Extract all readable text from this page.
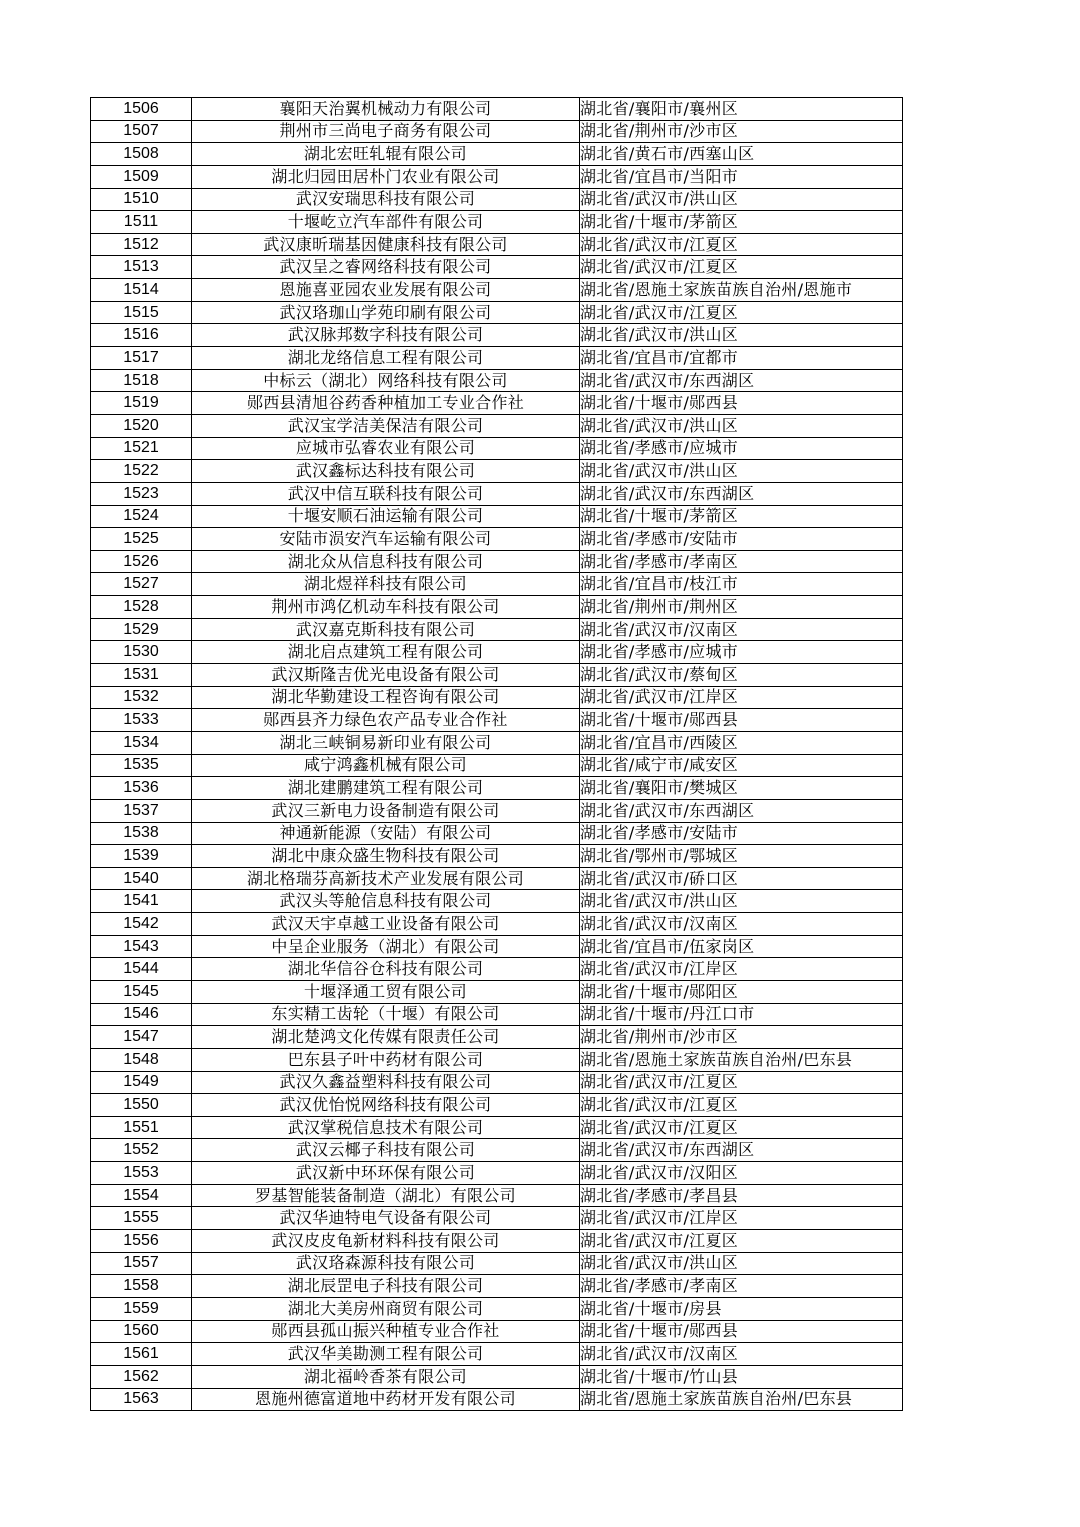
1506	襄阳天治翼机械动力有限公司	湖北省/襄阳市/襄州区
1507	荆州市三尚电子商务有限公司	湖北省/荆州市/沙市区
1508	湖北宏旺轧辊有限公司	湖北省/黄石市/西塞山区
1509	湖北归园田居朴门农业有限公司	湖北省/宜昌市/当阳市
1510	武汉安瑞思科技有限公司	湖北省/武汉市/洪山区
1511	十堰屹立汽车部件有限公司	湖北省/十堰市/茅箭区
1512	武汉康昕瑞基因健康科技有限公司	湖北省/武汉市/江夏区
1513	武汉呈之睿网络科技有限公司	湖北省/武汉市/江夏区
1514	恩施喜亚园农业发展有限公司	湖北省/恩施土家族苗族自治州/恩施市
1515	武汉珞珈山学苑印刷有限公司	湖北省/武汉市/江夏区
1516	武汉脉邦数字科技有限公司	湖北省/武汉市/洪山区
1517	湖北龙络信息工程有限公司	湖北省/宜昌市/宜都市
1518	中标云（湖北）网络科技有限公司	湖北省/武汉市/东西湖区
1519	郧西县清旭谷药香种植加工专业合作社	湖北省/十堰市/郧西县
1520	武汉宝学洁美保洁有限公司	湖北省/武汉市/洪山区
1521	应城市弘睿农业有限公司	湖北省/孝感市/应城市
1522	武汉鑫标达科技有限公司	湖北省/武汉市/洪山区
1523	武汉中信互联科技有限公司	湖北省/武汉市/东西湖区
1524	十堰安顺石油运输有限公司	湖北省/十堰市/茅箭区
1525	安陆市涢安汽车运输有限公司	湖北省/孝感市/安陆市
1526	湖北众从信息科技有限公司	湖北省/孝感市/孝南区
1527	湖北煜祥科技有限公司	湖北省/宜昌市/枝江市
1528	荆州市鸿亿机动车科技有限公司	湖北省/荆州市/荆州区
1529	武汉嘉克斯科技有限公司	湖北省/武汉市/汉南区
1530	湖北启点建筑工程有限公司	湖北省/孝感市/应城市
1531	武汉斯隆吉优光电设备有限公司	湖北省/武汉市/蔡甸区
1532	湖北华勤建设工程咨询有限公司	湖北省/武汉市/江岸区
1533	郧西县齐力绿色农产品专业合作社	湖北省/十堰市/郧西县
1534	湖北三峡铜易新印业有限公司	湖北省/宜昌市/西陵区
1535	咸宁鸿鑫机械有限公司	湖北省/咸宁市/咸安区
1536	湖北建鹏建筑工程有限公司	湖北省/襄阳市/樊城区
1537	武汉三新电力设备制造有限公司	湖北省/武汉市/东西湖区
1538	神通新能源（安陆）有限公司	湖北省/孝感市/安陆市
1539	湖北中康众盛生物科技有限公司	湖北省/鄂州市/鄂城区
1540	湖北格瑞芬高新技术产业发展有限公司	湖北省/武汉市/硚口区
1541	武汉头等舱信息科技有限公司	湖北省/武汉市/洪山区
1542	武汉天宇卓越工业设备有限公司	湖北省/武汉市/汉南区
1543	中呈企业服务（湖北）有限公司	湖北省/宜昌市/伍家岗区
1544	湖北华信谷仓科技有限公司	湖北省/武汉市/江岸区
1545	十堰泽通工贸有限公司	湖北省/十堰市/郧阳区
1546	东实精工齿轮（十堰）有限公司	湖北省/十堰市/丹江口市
1547	湖北楚鸿文化传媒有限责任公司	湖北省/荆州市/沙市区
1548	巴东县子叶中药材有限公司	湖北省/恩施土家族苗族自治州/巴东县
1549	武汉久鑫益塑料科技有限公司	湖北省/武汉市/江夏区
1550	武汉优怡悦网络科技有限公司	湖北省/武汉市/江夏区
1551	武汉掌税信息技术有限公司	湖北省/武汉市/江夏区
1552	武汉云椰子科技有限公司	湖北省/武汉市/东西湖区
1553	武汉新中环环保有限公司	湖北省/武汉市/汉阳区
1554	罗基智能装备制造（湖北）有限公司	湖北省/孝感市/孝昌县
1555	武汉华迪特电气设备有限公司	湖北省/武汉市/江岸区
1556	武汉皮皮龟新材料科技有限公司	湖北省/武汉市/江夏区
1557	武汉珞森源科技有限公司	湖北省/武汉市/洪山区
1558	湖北辰罡电子科技有限公司	湖北省/孝感市/孝南区
1559	湖北大美房州商贸有限公司	湖北省/十堰市/房县
1560	郧西县孤山振兴种植专业合作社	湖北省/十堰市/郧西县
1561	武汉华美勘测工程有限公司	湖北省/武汉市/汉南区
1562	湖北福岭香茶有限公司	湖北省/十堰市/竹山县
1563	恩施州德富道地中药材开发有限公司	湖北省/恩施土家族苗族自治州/巴东县
